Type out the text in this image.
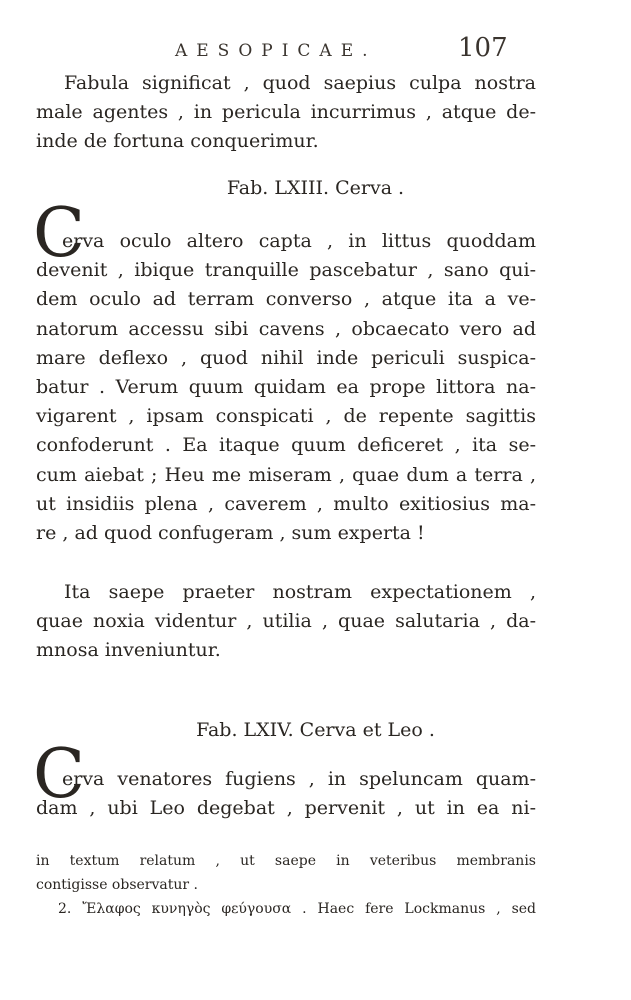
AESOPICAE.	107
Fabula significat , quod saepius culpa nostra
male agentes , in pericula incurrimus , atque de-
inde de fortuna conquerimur.
Fab. LXIII. Cerva .
C
erva oculo altero capta , in littus quoddam
devenit , ibique tranquille pascebatur , sano qui-
dem oculo ad terram converso , atque ita a ve-
natorum accessu sibi cavens , obcaecato vero ad
mare deflexo , quod nihil inde periculi suspica-
batur . Verum quum quidam ea prope littora na-
vigarent , ipsam conspicati , de repente sagittis
confoderunt . Ea itaque quum deficeret , ita se-
cum aiebat ; Heu me miseram , quae dum a terra ,
ut insidiis plena , caverem , multo exitiosius ma-
re , ad quod confugeram , sum experta !
Ita saepe praeter nostram expectationem ,
quae noxia videntur , utilia , quae salutaria , da-
mnosa inveniuntur.
Fab. LXIV. Cerva et Leo .
C
erva venatores fugiens , in speluncam quam-
dam , ubi Leo degebat , pervenit , ut in ea ni-
in textum relatum , ut saepe in veteribus membranis
contigisse observatur .
2. Ἔλαφος κυνηγὸς φεύγουσα . Haec fere Lockmanus , sed
